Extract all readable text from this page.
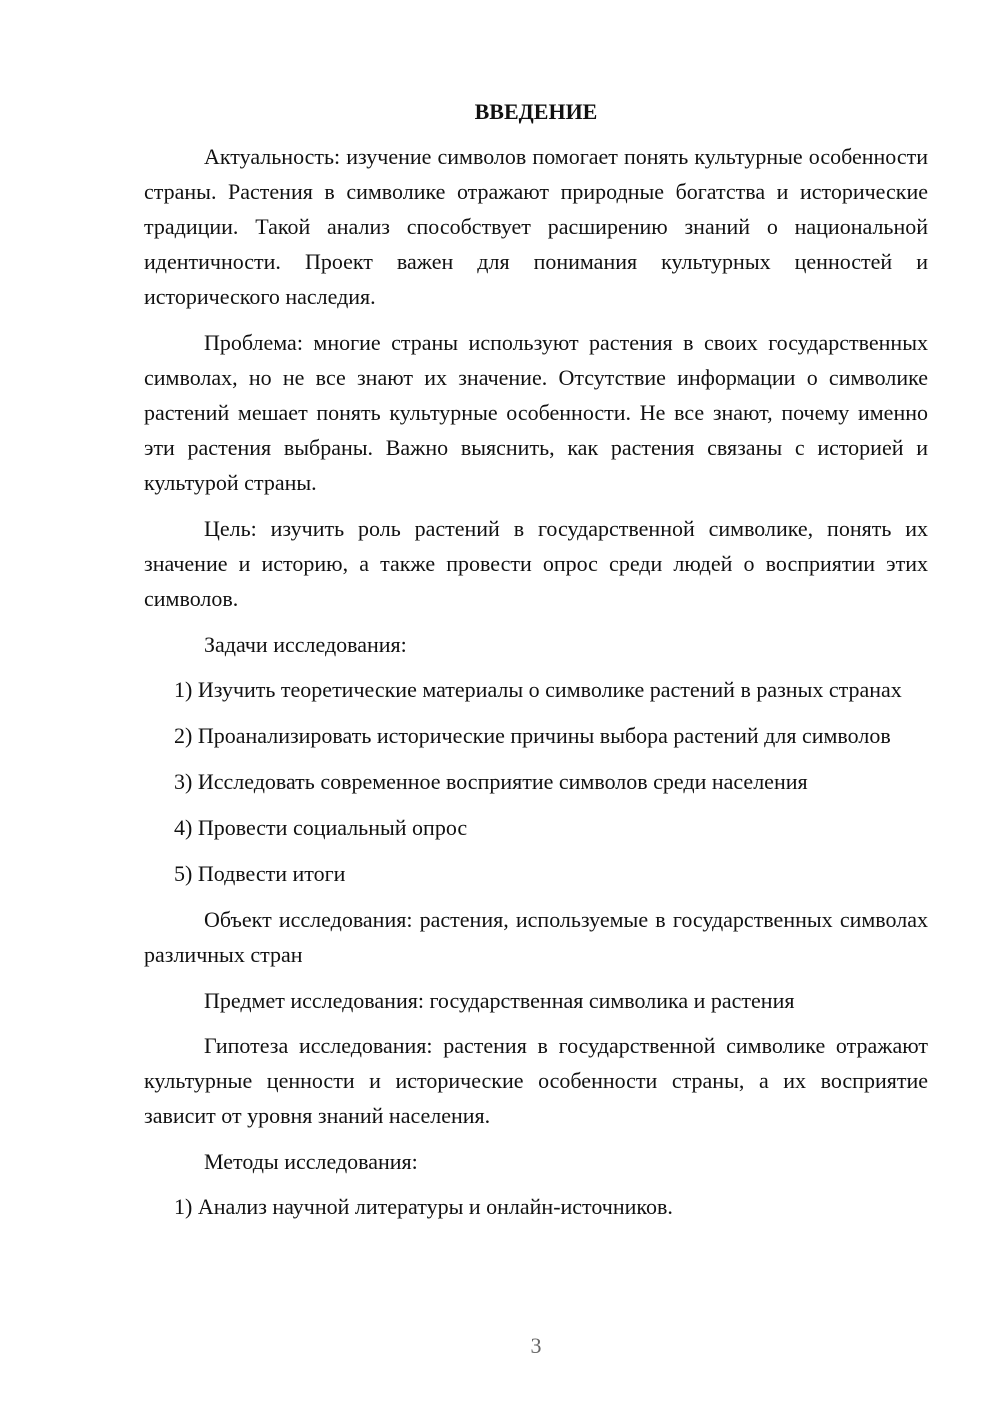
ВВЕДЕНИЕ

Актуальность: изучение символов помогает понять культурные особенности страны. Растения в символике отражают природные богатства и исторические традиции. Такой анализ способствует расширению знаний о национальной идентичности. Проект важен для понимания культурных ценностей и исторического наследия.

Проблема: многие страны используют растения в своих государственных символах, но не все знают их значение. Отсутствие информации о символике растений мешает понять культурные особенности. Не все знают, почему именно эти растения выбраны. Важно выяснить, как растения связаны с историей и культурой страны.

Цель: изучить роль растений в государственной символике, понять их значение и историю, а также провести опрос среди людей о восприятии этих символов.

Задачи исследования:

1) Изучить теоретические материалы о символике растений в разных странах

2) Проанализировать исторические причины выбора растений для символов

3) Исследовать современное восприятие символов среди населения

4) Провести социальный опрос

5) Подвести итоги

Объект исследования: растения, используемые в государственных символах различных стран

Предмет исследования: государственная символика и растения

Гипотеза исследования: растения в государственной символике отражают культурные ценности и исторические особенности страны, а их восприятие зависит от уровня знаний населения.

Методы исследования:

1) Анализ научной литературы и онлайн-источников.

3
